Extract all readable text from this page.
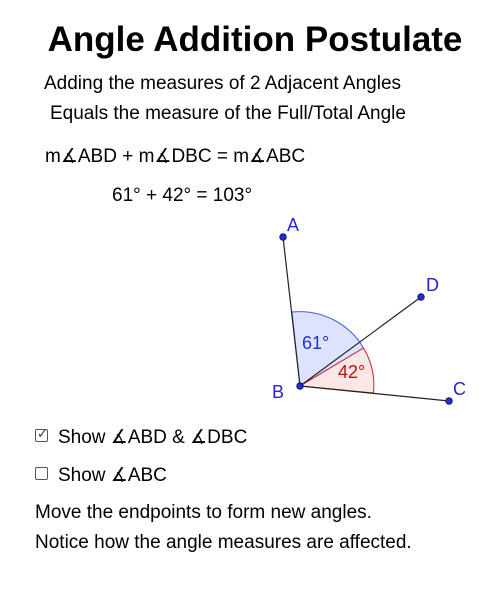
Angle Addition Postulate
Adding the measures of 2 Adjacent Angles
Equals the measure of the Full/Total Angle
m∡ABD + m∡DBC = m∡ABC
61° + 42° = 103°
61°
42°
A
D
B	C
✓ Show ∡ABD & ∡DBC
Show ∡ABC
Move the endpoints to form new angles.
Notice how the angle measures are affected.
